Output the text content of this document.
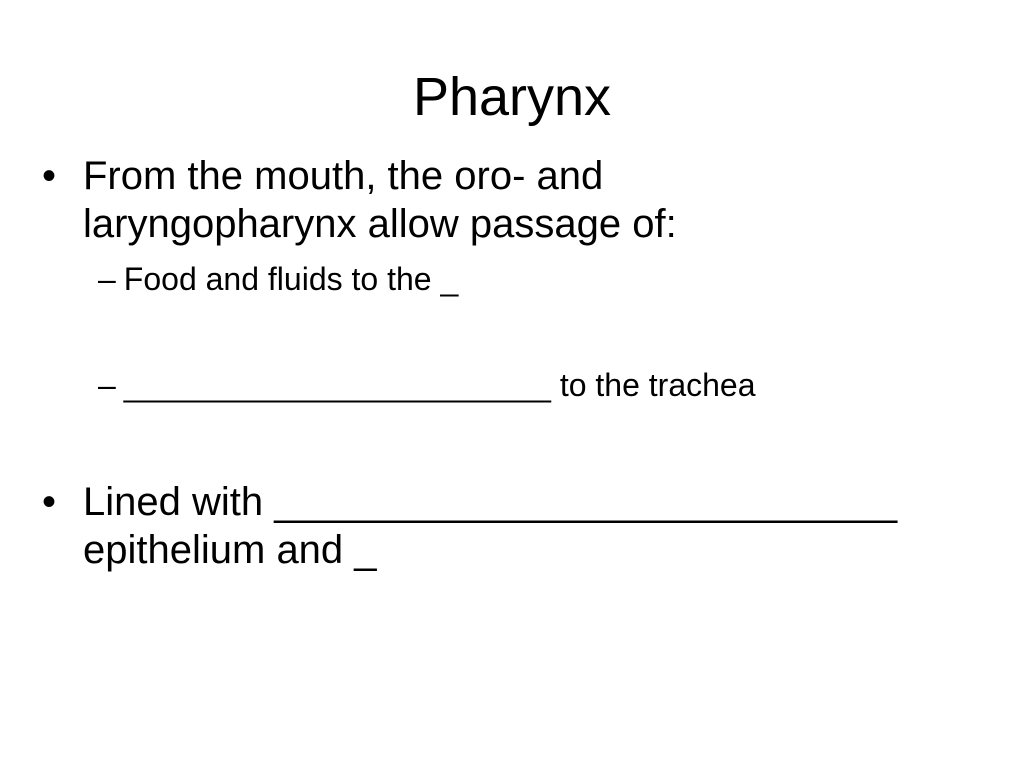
Pharynx
• From the mouth, the oro- and
laryngopharynx allow passage of:
– Food and fluids to the _
– ________________________ to the trachea
• Lined with ____________________________
epithelium and _
